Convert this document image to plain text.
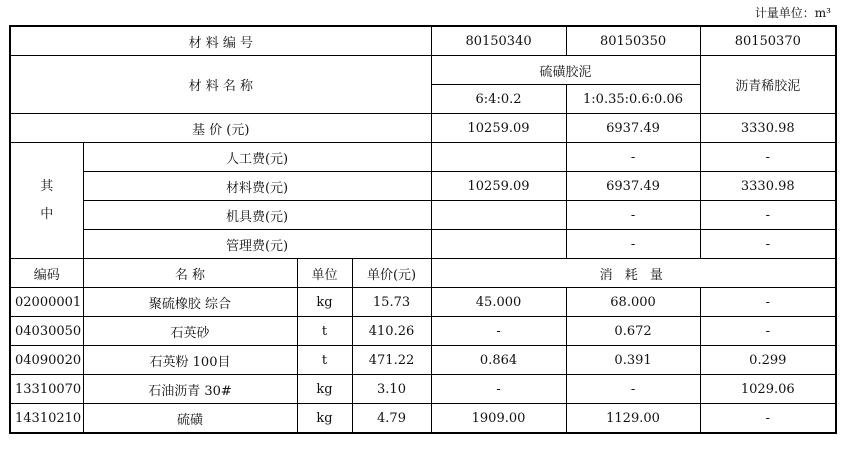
计量单位：m³
材 料 编 号				80150340	80150350	80150370
材 料 名 称				硫磺胶泥		沥青稀胶泥
				6:4:0.2	1:0.35:0.6:0.06	
基 价 (元)				10259.09	6937.49	3330.98

其
中	人工费(元)				-	-
	材料费(元)			10259.09	6937.49	3330.98
	机具费(元)				-	-
	管理费(元)				-	-
编码	名 称	单位	单价(元)	消 耗 量		
02000001	聚硫橡胶 综合	kg	15.73	45.000	68.000	-
04030050	石英砂	t	410.26	-	0.672	-
04090020	石英粉 100目	t	471.22	0.864	0.391	0.299
13310070	石油沥青 30#	kg	3.10	-	-	1029.06
14310210	硫磺	kg	4.79	1909.00	1129.00	-
